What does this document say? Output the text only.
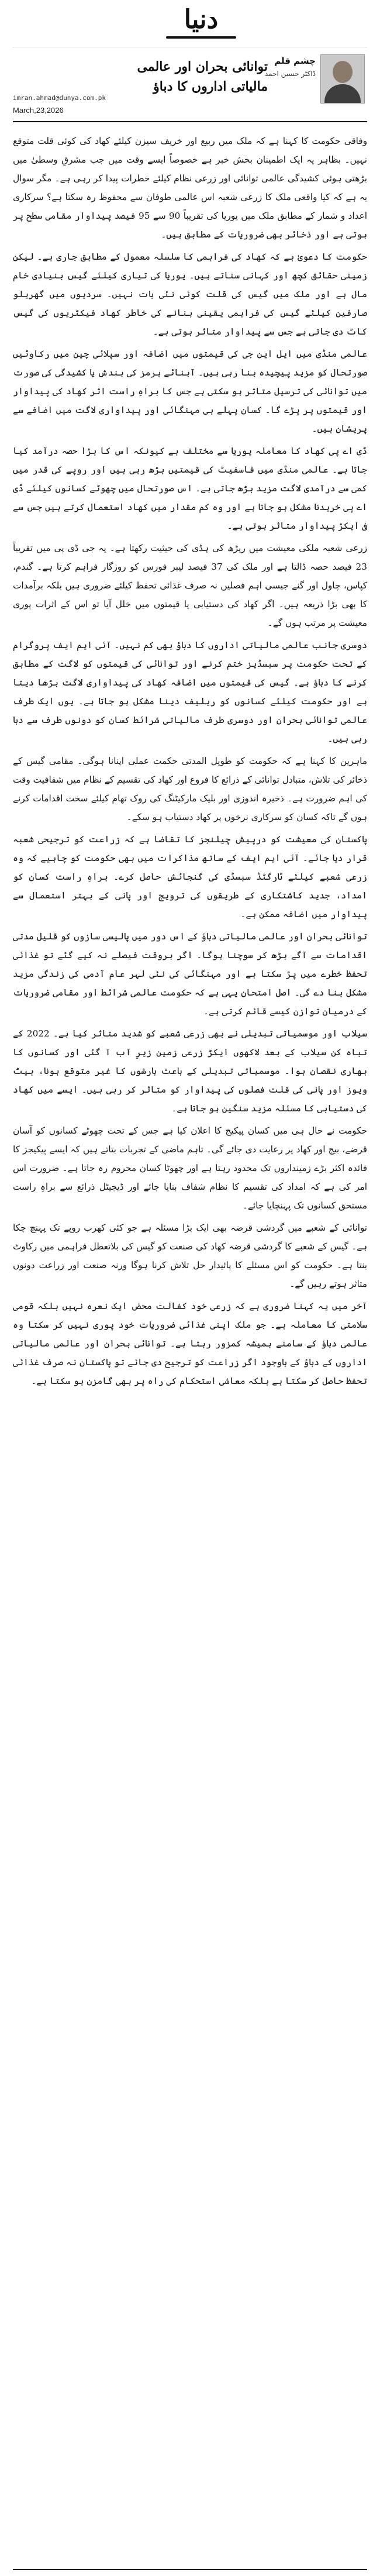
دنیا
چشم قلم
ڈاکٹر حسین احمد
توانائی بحران اور عالمی مالیاتی اداروں کا دباؤ
imran.ahmad@dunya.com.pk
March,23,2026

وفاقی حکومت کا کہنا ہے کہ ملک میں ربیع اور خریف سیزن کیلئے کھاد کی کوئی قلت متوقع نہیں۔ بظاہر یہ ایک اطمینان بخش خبر ہے خصوصاً ایسے وقت میں جب مشرقِ وسطیٰ میں بڑھتی ہوئی کشیدگی عالمی توانائی اور زرعی نظام کیلئے خطرات پیدا کر رہی ہے۔ مگر سوال یہ ہے کہ کیا واقعی ملک کا زرعی شعبہ اس عالمی طوفان سے محفوظ رہ سکتا ہے؟ سرکاری اعداد و شمار کے مطابق ملک میں یوریا کی تقریباً 90 سے 95 فیصد پیداوار مقامی سطح پر ہوتی ہے اور ذخائر بھی ضروریات کے مطابق ہیں۔

حکومت کا دعویٰ ہے کہ کھاد کی فراہمی کا سلسلہ معمول کے مطابق جاری ہے۔ لیکن زمینی حقائق کچھ اور کہانی سناتے ہیں۔ یوریا کی تیاری کیلئے گیس بنیادی خام مال ہے اور ملک میں گیس کی قلت کوئی نئی بات نہیں۔ سردیوں میں گھریلو صارفین کیلئے گیس کی فراہمی یقینی بنانے کی خاطر کھاد فیکٹریوں کی گیس کاٹ دی جاتی ہے جس سے پیداوار متاثر ہوتی ہے۔

عالمی منڈی میں ایل این جی کی قیمتوں میں اضافہ اور سپلائی چین میں رکاوٹیں صورتحال کو مزید پیچیدہ بنا رہی ہیں۔ آبنائے ہرمز کی بندش یا کشیدگی کی صورت میں توانائی کی ترسیل متاثر ہو سکتی ہے جس کا براہِ راست اثر کھاد کی پیداوار اور قیمتوں پر پڑے گا۔ کسان پہلے ہی مہنگائی اور پیداواری لاگت میں اضافے سے پریشان ہیں۔

ڈی اے پی کھاد کا معاملہ یوریا سے مختلف ہے کیونکہ اس کا بڑا حصہ درآمد کیا جاتا ہے۔ عالمی منڈی میں فاسفیٹ کی قیمتیں بڑھ رہی ہیں اور روپے کی قدر میں کمی سے درآمدی لاگت مزید بڑھ جاتی ہے۔ اس صورتحال میں چھوٹے کسانوں کیلئے ڈی اے پی خریدنا مشکل ہو جاتا ہے اور وہ کم مقدار میں کھاد استعمال کرتے ہیں جس سے فی ایکڑ پیداوار متاثر ہوتی ہے۔

زرعی شعبہ ملکی معیشت میں ریڑھ کی ہڈی کی حیثیت رکھتا ہے۔ یہ جی ڈی پی میں تقریباً 23 فیصد حصہ ڈالتا ہے اور ملک کی 37 فیصد لیبر فورس کو روزگار فراہم کرتا ہے۔ گندم، کپاس، چاول اور گنے جیسی اہم فصلیں نہ صرف غذائی تحفظ کیلئے ضروری ہیں بلکہ برآمدات کا بھی بڑا ذریعہ ہیں۔ اگر کھاد کی دستیابی یا قیمتوں میں خلل آیا تو اس کے اثرات پوری معیشت پر مرتب ہوں گے۔

دوسری جانب عالمی مالیاتی اداروں کا دباؤ بھی کم نہیں۔ آئی ایم ایف پروگرام کے تحت حکومت پر سبسڈیز ختم کرنے اور توانائی کی قیمتوں کو لاگت کے مطابق کرنے کا دباؤ ہے۔ گیس کی قیمتوں میں اضافہ کھاد کی پیداواری لاگت بڑھا دیتا ہے اور حکومت کیلئے کسانوں کو ریلیف دینا مشکل ہو جاتا ہے۔ یوں ایک طرف عالمی توانائی بحران اور دوسری طرف مالیاتی شرائط کسان کو دونوں طرف سے دبا رہی ہیں۔

ماہرین کا کہنا ہے کہ حکومت کو طویل المدتی حکمت عملی اپنانا ہوگی۔ مقامی گیس کے ذخائر کی تلاش، متبادل توانائی کے ذرائع کا فروغ اور کھاد کی تقسیم کے نظام میں شفافیت وقت کی اہم ضرورت ہے۔ ذخیرہ اندوزی اور بلیک مارکیٹنگ کی روک تھام کیلئے سخت اقدامات کرنے ہوں گے تاکہ کسان کو سرکاری نرخوں پر کھاد دستیاب ہو سکے۔

پاکستان کی معیشت کو درپیش چیلنجز کا تقاضا ہے کہ زراعت کو ترجیحی شعبہ قرار دیا جائے۔ آئی ایم ایف کے ساتھ مذاکرات میں بھی حکومت کو چاہیے کہ وہ زرعی شعبے کیلئے ٹارگٹڈ سبسڈی کی گنجائش حاصل کرے۔ براہِ راست کسان کو امداد، جدید کاشتکاری کے طریقوں کی ترویج اور پانی کے بہتر استعمال سے پیداوار میں اضافہ ممکن ہے۔

توانائی بحران اور عالمی مالیاتی دباؤ کے اس دور میں پالیسی سازوں کو قلیل مدتی اقدامات سے آگے بڑھ کر سوچنا ہوگا۔ اگر بروقت فیصلے نہ کیے گئے تو غذائی تحفظ خطرے میں پڑ سکتا ہے اور مہنگائی کی نئی لہر عام آدمی کی زندگی مزید مشکل بنا دے گی۔ اصل امتحان یہی ہے کہ حکومت عالمی شرائط اور مقامی ضروریات کے درمیان توازن کیسے قائم کرتی ہے۔

سیلاب اور موسمیاتی تبدیلی نے بھی زرعی شعبے کو شدید متاثر کیا ہے۔ 2022 کے تباہ کن سیلاب کے بعد لاکھوں ایکڑ زرعی زمین زیرِ آب آ گئی اور کسانوں کا بھاری نقصان ہوا۔ موسمیاتی تبدیلی کے باعث بارشوں کا غیر متوقع ہونا، ہیٹ ویوز اور پانی کی قلت فصلوں کی پیداوار کو متاثر کر رہی ہیں۔ ایسے میں کھاد کی دستیابی کا مسئلہ مزید سنگین ہو جاتا ہے۔

حکومت نے حال ہی میں کسان پیکیج کا اعلان کیا ہے جس کے تحت چھوٹے کسانوں کو آسان قرضے، بیج اور کھاد پر رعایت دی جائے گی۔ تاہم ماضی کے تجربات بتاتے ہیں کہ ایسے پیکیجز کا فائدہ اکثر بڑے زمینداروں تک محدود رہتا ہے اور چھوٹا کسان محروم رہ جاتا ہے۔ ضرورت اس امر کی ہے کہ امداد کی تقسیم کا نظام شفاف بنایا جائے اور ڈیجیٹل ذرائع سے براہِ راست مستحق کسانوں تک پہنچایا جائے۔

توانائی کے شعبے میں گردشی قرضہ بھی ایک بڑا مسئلہ ہے جو کئی کھرب روپے تک پہنچ چکا ہے۔ گیس کے شعبے کا گردشی قرضہ کھاد کی صنعت کو گیس کی بلاتعطل فراہمی میں رکاوٹ بنتا ہے۔ حکومت کو اس مسئلے کا پائیدار حل تلاش کرنا ہوگا ورنہ صنعت اور زراعت دونوں متاثر ہوتے رہیں گے۔

آخر میں یہ کہنا ضروری ہے کہ زرعی خود کفالت محض ایک نعرہ نہیں بلکہ قومی سلامتی کا معاملہ ہے۔ جو ملک اپنی غذائی ضروریات خود پوری نہیں کر سکتا وہ عالمی دباؤ کے سامنے ہمیشہ کمزور رہتا ہے۔ توانائی بحران اور عالمی مالیاتی اداروں کے دباؤ کے باوجود اگر زراعت کو ترجیح دی جائے تو پاکستان نہ صرف غذائی تحفظ حاصل کر سکتا ہے بلکہ معاشی استحکام کی راہ پر بھی گامزن ہو سکتا ہے۔
